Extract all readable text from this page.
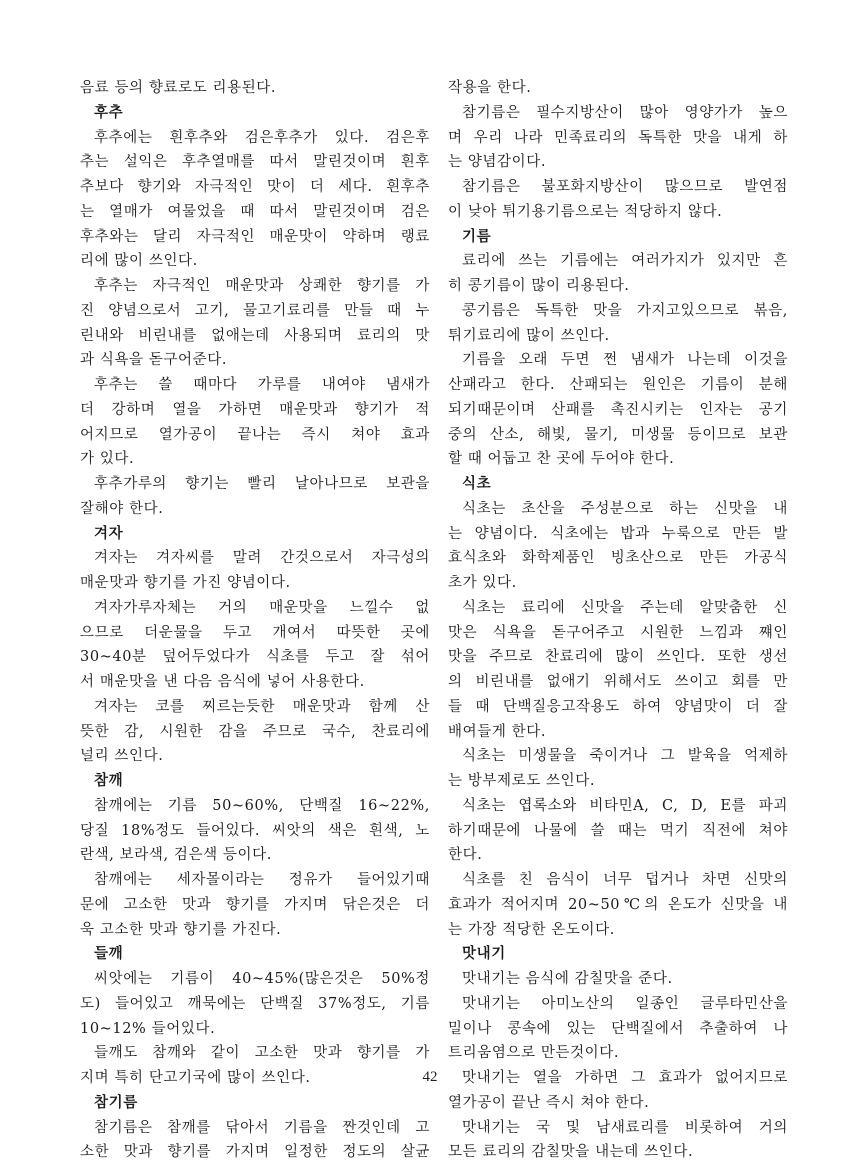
음료 등의 향료로도 리용된다.
후추
후추에는 흰후추와 검은후추가 있다. 검은후
추는 설익은 후추열매를 따서 말린것이며 흰후
추보다 향기와 자극적인 맛이 더 세다. 흰후추
는 열매가 여물었을 때 따서 말린것이며 검은
후추와는 달리 자극적인 매운맛이 약하며 랭료
리에 많이 쓰인다.
후추는 자극적인 매운맛과 상쾌한 향기를 가
진 양념으로서 고기, 물고기료리를 만들 때 누
린내와 비린내를 없애는데 사용되며 료리의 맛
과 식욕을 돋구어준다.
후추는 쓸 때마다 가루를 내여야 냄새가
더 강하며 열을 가하면 매운맛과 향기가 적
어지므로 열가공이 끝나는 즉시 쳐야 효과
가 있다.
후추가루의 향기는 빨리 날아나므로 보관을
잘해야 한다.
겨자
겨자는 겨자씨를 말려 간것으로서 자극성의
매운맛과 향기를 가진 양념이다.
겨자가루자체는 거의 매운맛을 느낄수 없
으므로 더운물을 두고 개여서 따뜻한 곳에
30~40분 덮어두었다가 식초를 두고 잘 섞어
서 매운맛을 낸 다음 음식에 넣어 사용한다.
겨자는 코를 찌르는듯한 매운맛과 함께 산
뜻한 감, 시원한 감을 주므로 국수, 찬료리에
널리 쓰인다.
참깨
참깨에는 기름 50~60%, 단백질 16~22%,
당질 18%정도 들어있다. 씨앗의 색은 흰색, 노
란색, 보라색, 검은색 등이다.
참깨에는 세자몰이라는 정유가 들어있기때
문에 고소한 맛과 향기를 가지며 닦은것은 더
욱 고소한 맛과 향기를 가진다.
들깨
씨앗에는 기름이 40~45%(많은것은 50%정
도) 들어있고 깨묵에는 단백질 37%정도, 기름
10~12% 들어있다.
들깨도 참깨와 같이 고소한 맛과 향기를 가
지며 특히 단고기국에 많이 쓰인다.
참기름
참기름은 참깨를 닦아서 기름을 짠것인데 고
소한 맛과 향기를 가지며 일정한 정도의 살균
작용을 한다.
참기름은 필수지방산이 많아 영양가가 높으
며 우리 나라 민족료리의 독특한 맛을 내게 하
는 양념감이다.
참기름은 불포화지방산이 많으므로 발연점
이 낮아 튀기용기름으로는 적당하지 않다.
기름
료리에 쓰는 기름에는 여러가지가 있지만 흔
히 콩기름이 많이 리용된다.
콩기름은 독특한 맛을 가지고있으므로 볶음,
튀기료리에 많이 쓰인다.
기름을 오래 두면 쩐 냄새가 나는데 이것을
산패라고 한다. 산패되는 원인은 기름이 분해
되기때문이며 산패를 촉진시키는 인자는 공기
중의 산소, 해빛, 물기, 미생물 등이므로 보관
할 때 어둡고 찬 곳에 두어야 한다.
식초
식초는 초산을 주성분으로 하는 신맛을 내
는 양념이다. 식초에는 밥과 누룩으로 만든 발
효식초와 화학제품인 빙초산으로 만든 가공식
초가 있다.
식초는 료리에 신맛을 주는데 알맞춤한 신
맛은 식욕을 돋구어주고 시원한 느낌과 쨰인
맛을 주므로 찬료리에 많이 쓰인다. 또한 생선
의 비린내를 없애기 위해서도 쓰이고 회를 만
들 때 단백질응고작용도 하여 양념맛이 더 잘
배여들게 한다.
식초는 미생물을 죽이거나 그 발육을 억제하
는 방부제로도 쓰인다.
식초는 엽록소와 비타민A, C, D, E를 파괴
하기때문에 나물에 쓸 때는 먹기 직전에 쳐야
한다.
식초를 친 음식이 너무 덥거나 차면 신맛의
효과가 적어지며 20~50℃의 온도가 신맛을 내
는 가장 적당한 온도이다.
맛내기
맛내기는 음식에 감칠맛을 준다.
맛내기는 아미노산의 일종인 글루타민산을
밀이나 콩속에 있는 단백질에서 추출하여 나
트리움염으로 만든것이다.
맛내기는 열을 가하면 그 효과가 없어지므로
열가공이 끝난 즉시 쳐야 한다.
맛내기는 국 및 남새료리를 비롯하여 거의
모든 료리의 감칠맛을 내는데 쓰인다.
42
